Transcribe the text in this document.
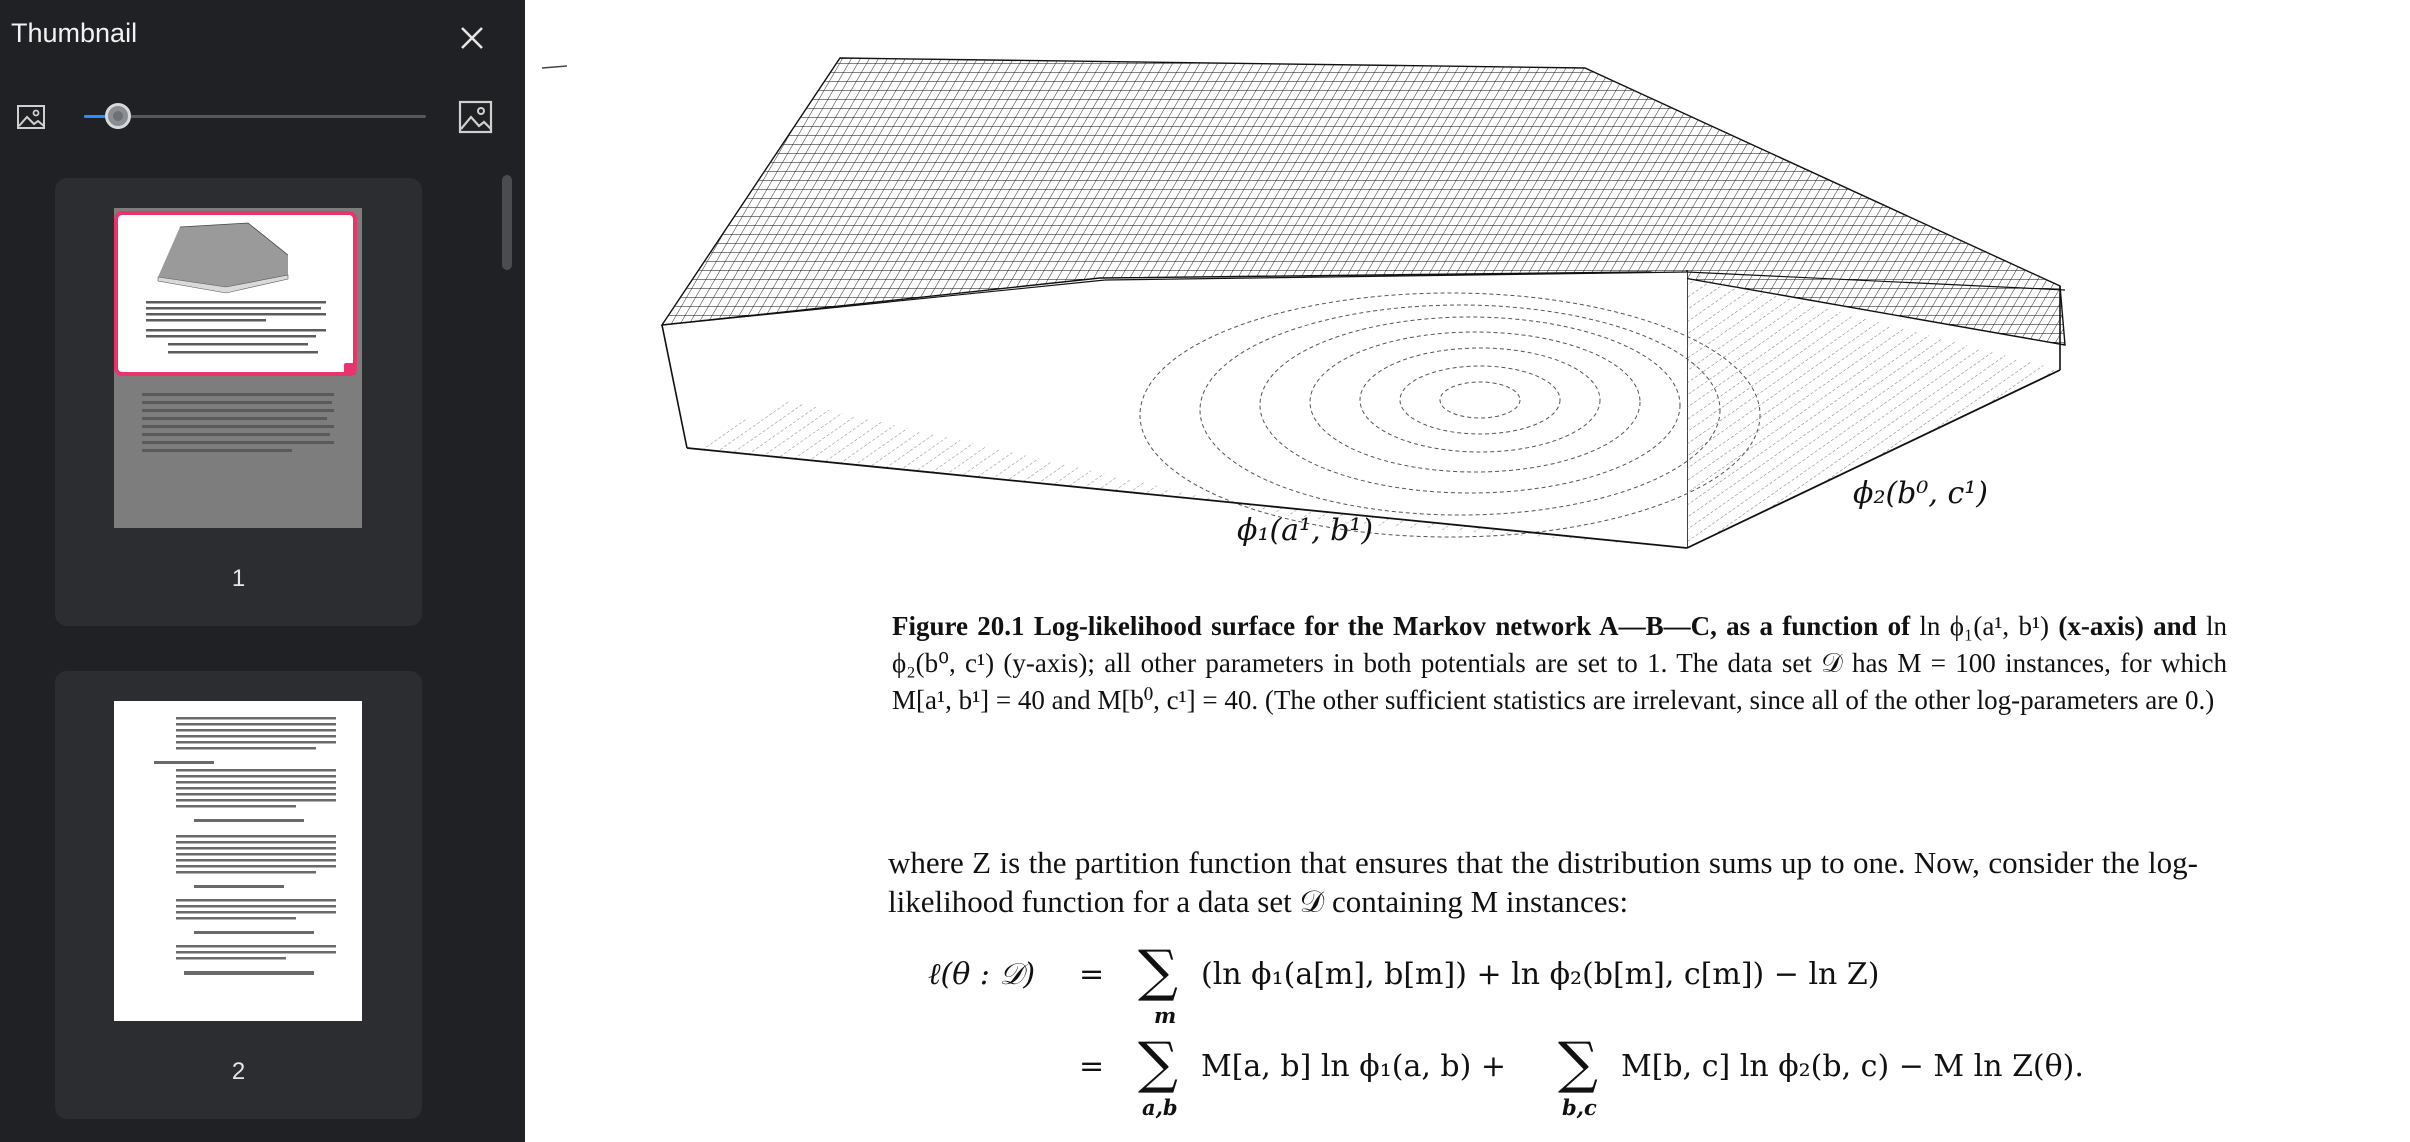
Thumbnail
1
2
ϕ₁(a¹, b¹)
ϕ₂(b⁰, c¹)
Figure 20.1 Log-likelihood surface for the Markov network A—B—C, as a function of ln ϕ₁(a¹, b¹) (x-axis) and ln ϕ₂(b⁰, c¹) (y-axis); all other parameters in both potentials are set to 1. The data set 𝒟 has M = 100 instances, for which M[a¹, b¹] = 40 and M[b⁰, c¹] = 40. (The other sufficient statistics are irrelevant, since all of the other log-parameters are 0.)
where Z is the partition function that ensures that the distribution sums up to one. Now, consider the log-likelihood function for a data set 𝒟 containing M instances:
ℓ(θ : 𝒟) = ∑ (ln ϕ₁(a[m], b[m]) + ln ϕ₂(b[m], c[m]) − ln Z)
m
= ∑ M[a, b] ln ϕ₁(a, b) +
a,b
∑ M[b, c] ln ϕ₂(b, c) − M ln Z(θ).
b,c
